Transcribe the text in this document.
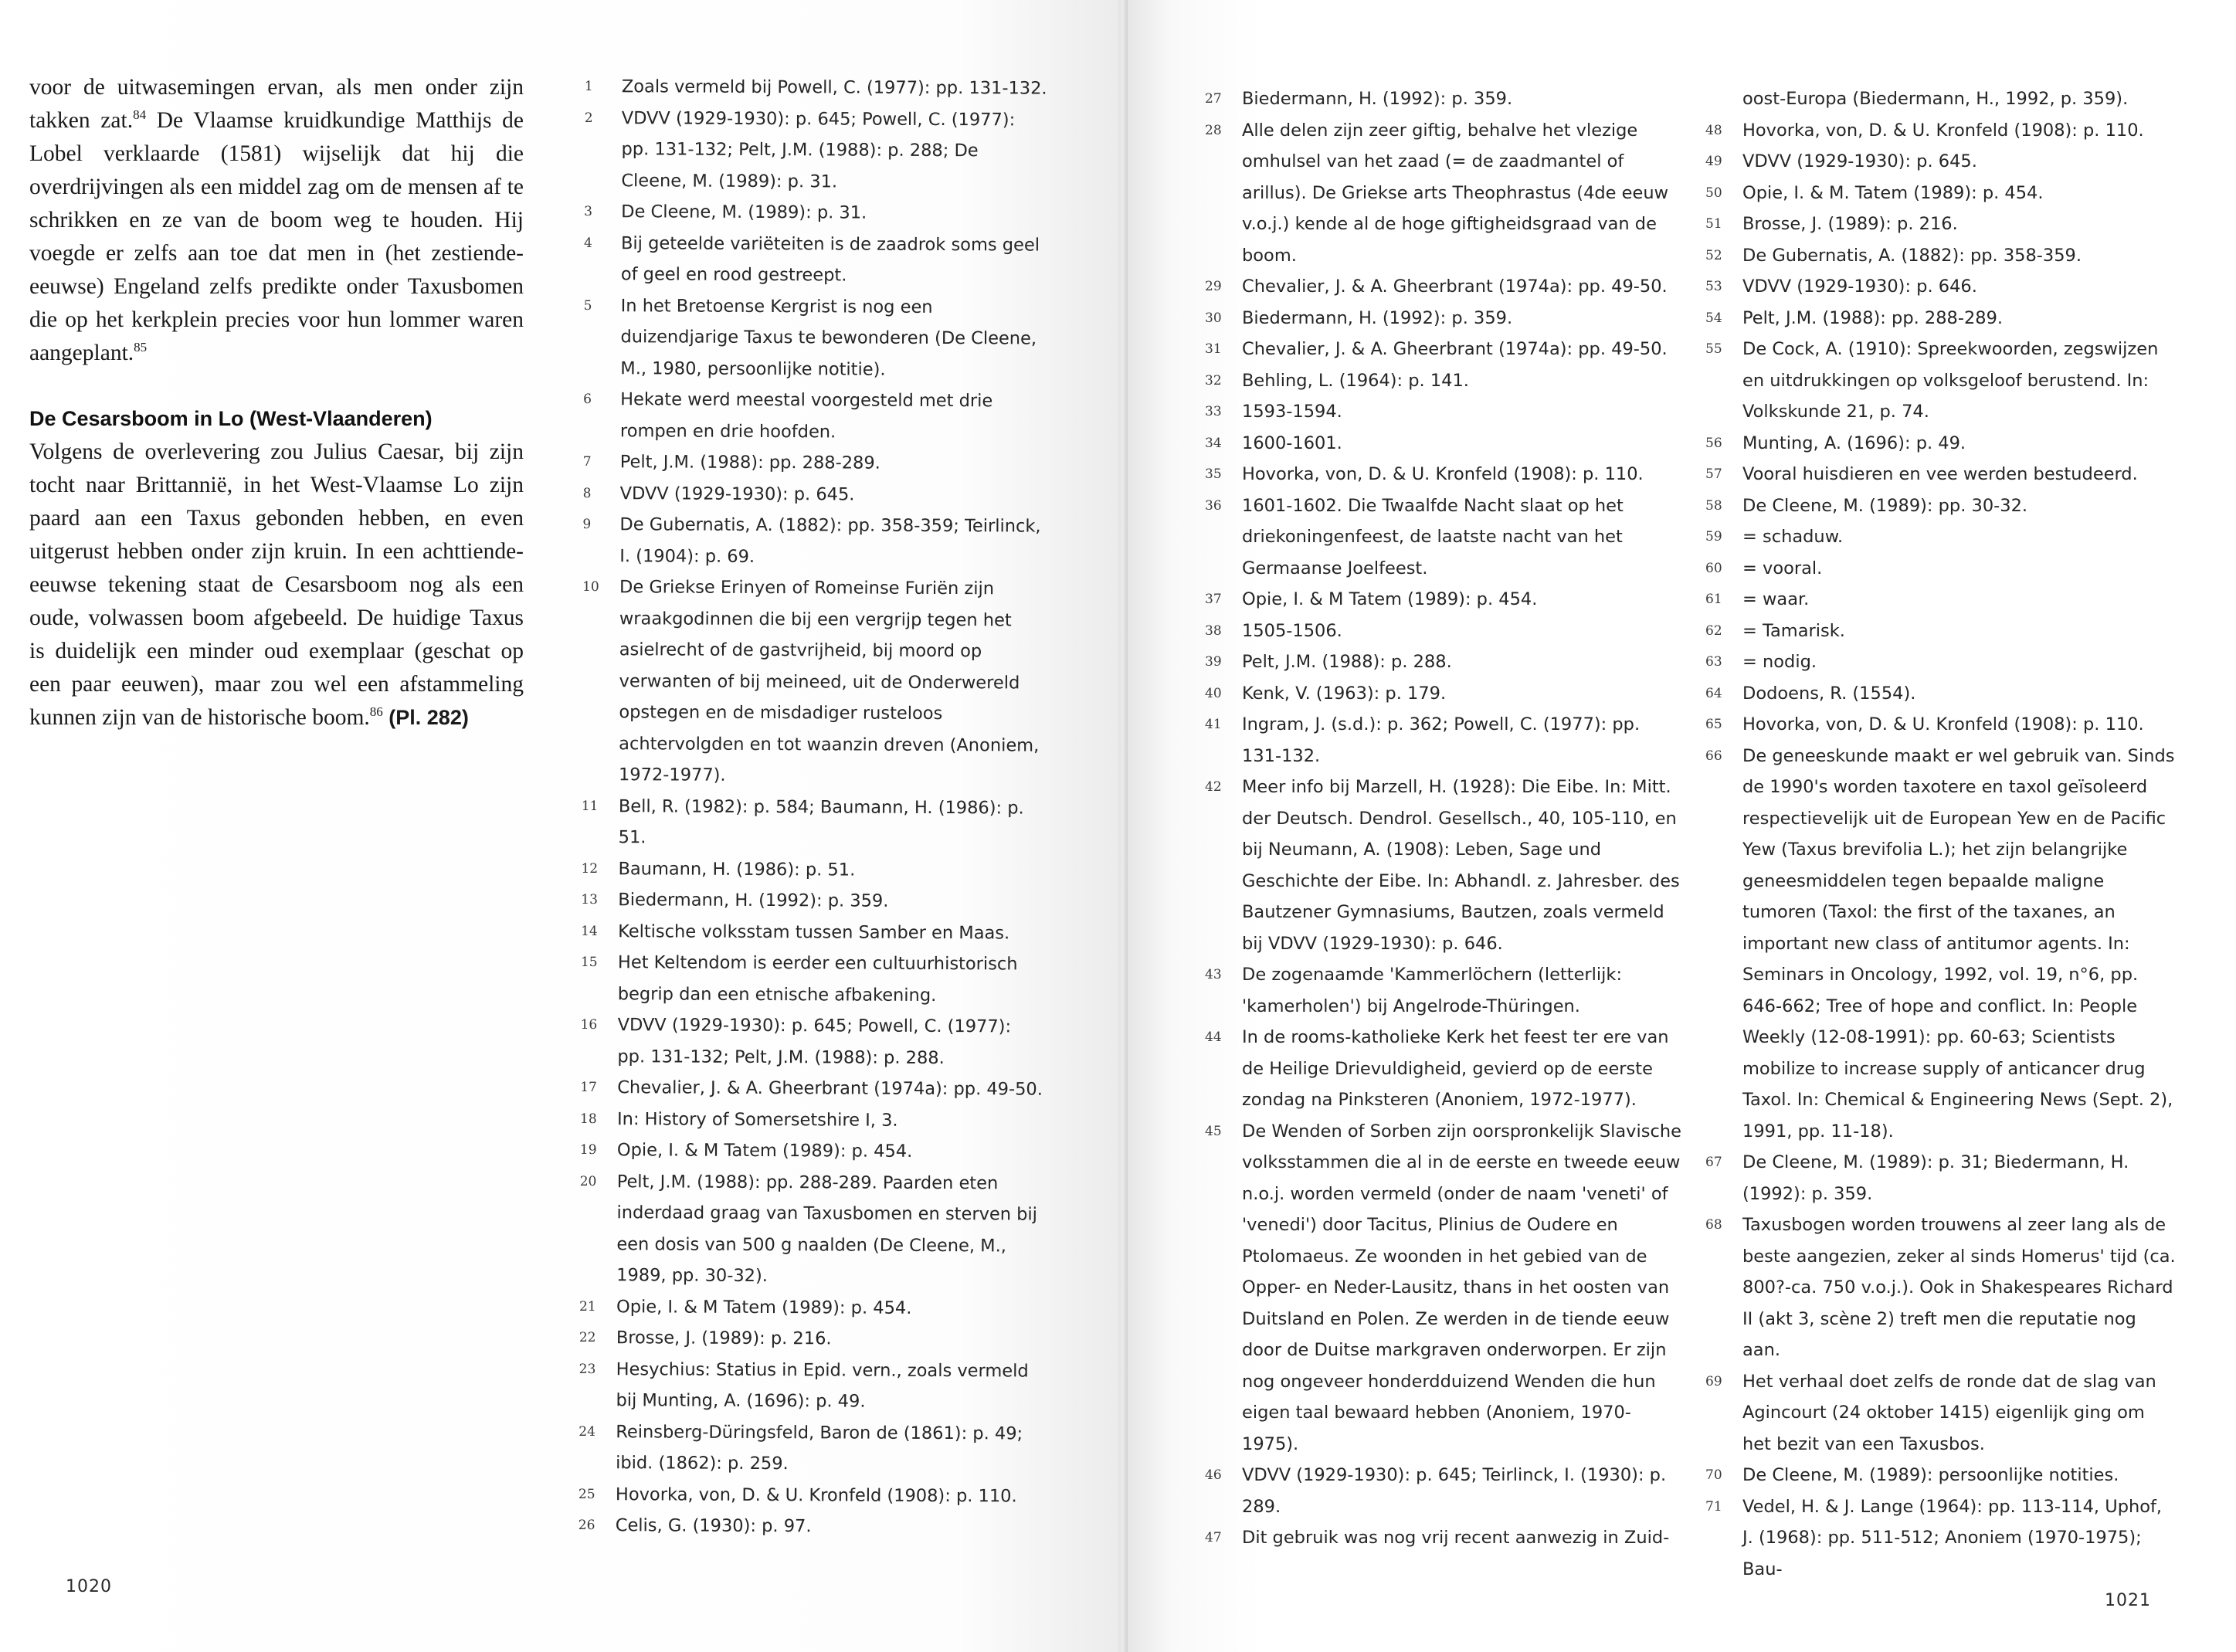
voor de uitwasemingen ervan, als men onder zijn takken zat.$^{84}$ De Vlaamse kruidkundige Matthijs de Lobel verklaarde (1581) wijselijk dat hij die overdrijvingen als een middel zag om de mensen af te schrikken en ze van de boom weg te houden. Hij voegde er zelfs aan toe dat men in (het zestiende-eeuwse) Engeland zelfs predikte onder Taxusbomen die op het kerkplein precies voor hun lommer waren aangeplant.$^{85}$

De Cesarsboom in Lo (West-Vlaanderen)

Volgens de overlevering zou Julius Caesar, bij zijn tocht naar Brittannië, in het West-Vlaamse Lo zijn paard aan een Taxus gebonden hebben, en even uitgerust hebben onder zijn kruin. In een achttiende-eeuwse tekening staat de Cesarsboom nog als een oude, volwassen boom afgebeeld. De huidige Taxus is duidelijk een minder oud exemplaar (geschat op een paar eeuwen), maar zou wel een afstammeling kunnen zijn van de historische boom.$^{86}$ (Pl. 282)

1 Zoals vermeld bij Powell, C. (1977): pp. 131-132.
2 VDVV (1929-1930): p. 645; Powell, C. (1977): pp. 131-132; Pelt, J.M. (1988): p. 288; De Cleene, M. (1989): p. 31.
3 De Cleene, M. (1989): p. 31.
4 Bij geteelde variëteiten is de zaadrok soms geel of geel en rood gestreept.
5 In het Bretoense Kergrist is nog een duizendjarige Taxus te bewonderen (De Cleene, M., 1980, persoonlijke notitie).
6 Hekate werd meestal voorgesteld met drie rompen en drie hoofden.
7 Pelt, J.M. (1988): pp. 288-289.
8 VDVV (1929-1930): p. 645.
9 De Gubernatis, A. (1882): pp. 358-359; Teirlinck, I. (1904): p. 69.
10 De Griekse Erinyen of Romeinse Furiën zijn wraakgodinnen die bij een vergrijp tegen het asielrecht of de gastvrijheid, bij moord op verwanten of bij meineed, uit de Onderwereld opstegen en de misdadiger rusteloos achtervolgden en tot waanzin dreven (Anoniem, 1972-1977).
11 Bell, R. (1982): p. 584; Baumann, H. (1986): p. 51.
12 Baumann, H. (1986): p. 51.
13 Biedermann, H. (1992): p. 359.
14 Keltische volksstam tussen Samber en Maas.
15 Het Keltendom is eerder een cultuurhistorisch begrip dan een etnische afbakening.
16 VDVV (1929-1930): p. 645; Powell, C. (1977): pp. 131-132; Pelt, J.M. (1988): p. 288.
17 Chevalier, J. & A. Gheerbrant (1974a): pp. 49-50.
18 In: History of Somersetshire I, 3.
19 Opie, I. & M Tatem (1989): p. 454.
20 Pelt, J.M. (1988): pp. 288-289. Paarden eten inderdaad graag van Taxusbomen en sterven bij een dosis van 500 g naalden (De Cleene, M., 1989, pp. 30-32).
21 Opie, I. & M Tatem (1989): p. 454.
22 Brosse, J. (1989): p. 216.
23 Hesychius: Statius in Epid. vern., zoals vermeld bij Munting, A. (1696): p. 49.
24 Reinsberg-Düringsfeld, Baron de (1861): p. 49; ibid. (1862): p. 259.
25 Hovorka, von, D. & U. Kronfeld (1908): p. 110.
26 Celis, G. (1930): p. 97.
1020
27 Biedermann, H. (1992): p. 359.
28 Alle delen zijn zeer giftig, behalve het vlezige omhulsel van het zaad (= de zaadmantel of arillus). De Griekse arts Theophrastus (4de eeuw v.o.j.) kende al de hoge giftigheidsgraad van de boom.
29 Chevalier, J. & A. Gheerbrant (1974a): pp. 49-50.
30 Biedermann, H. (1992): p. 359.
31 Chevalier, J. & A. Gheerbrant (1974a): pp. 49-50.
32 Behling, L. (1964): p. 141.
33 1593-1594.
34 1600-1601.
35 Hovorka, von, D. & U. Kronfeld (1908): p. 110.
36 1601-1602. Die Twaalfde Nacht slaat op het driekoningenfeest, de laatste nacht van het Germaanse Joelfeest.
37 Opie, I. & M Tatem (1989): p. 454.
38 1505-1506.
39 Pelt, J.M. (1988): p. 288.
40 Kenk, V. (1963): p. 179.
41 Ingram, J. (s.d.): p. 362; Powell, C. (1977): pp. 131-132.
42 Meer info bij Marzell, H. (1928): Die Eibe. In: Mitt. der Deutsch. Dendrol. Gesellsch., 40, 105-110, en bij Neumann, A. (1908): Leben, Sage und Geschichte der Eibe. In: Abhandl. z. Jahresber. des Bautzener Gymnasiums, Bautzen, zoals vermeld bij VDVV (1929-1930): p. 646.
43 De zogenaamde 'Kammerlöchern (letterlijk: 'kamerholen') bij Angelrode-Thüringen.
44 In de rooms-katholieke Kerk het feest ter ere van de Heilige Drievuldigheid, gevierd op de eerste zondag na Pinksteren (Anoniem, 1972-1977).
45 De Wenden of Sorben zijn oorspronkelijk Slavische volksstammen die al in de eerste en tweede eeuw n.o.j. worden vermeld (onder de naam 'veneti' of 'venedi') door Tacitus, Plinius de Oudere en Ptolomaeus. Ze woonden in het gebied van de Opper- en Neder-Lausitz, thans in het oosten van Duitsland en Polen. Ze werden in de tiende eeuw door de Duitse markgraven onderworpen. Er zijn nog ongeveer honderdduizend Wenden die hun eigen taal bewaard hebben (Anoniem, 1970-1975).
46 VDVV (1929-1930): p. 645; Teirlinck, I. (1930): p. 289.
47 Dit gebruik was nog vrij recent aanwezig in Zuid-
oost-Europa (Biedermann, H., 1992, p. 359).
48 Hovorka, von, D. & U. Kronfeld (1908): p. 110.
49 VDVV (1929-1930): p. 645.
50 Opie, I. & M. Tatem (1989): p. 454.
51 Brosse, J. (1989): p. 216.
52 De Gubernatis, A. (1882): pp. 358-359.
53 VDVV (1929-1930): p. 646.
54 Pelt, J.M. (1988): pp. 288-289.
55 De Cock, A. (1910): Spreekwoorden, zegswijzen en uitdrukkingen op volksgeloof berustend. In: Volkskunde 21, p. 74.
56 Munting, A. (1696): p. 49.
57 Vooral huisdieren en vee werden bestudeerd.
58 De Cleene, M. (1989): pp. 30-32.
59 = schaduw.
60 = vooral.
61 = waar.
62 = Tamarisk.
63 = nodig.
64 Dodoens, R. (1554).
65 Hovorka, von, D. & U. Kronfeld (1908): p. 110.
66 De geneeskunde maakt er wel gebruik van. Sinds de 1990's worden taxotere en taxol geïsoleerd respectievelijk uit de European Yew en de Pacific Yew (Taxus brevifolia L.); het zijn belangrijke geneesmiddelen tegen bepaalde maligne tumoren (Taxol: the first of the taxanes, an important new class of antitumor agents. In: Seminars in Oncology, 1992, vol. 19, n°6, pp. 646-662; Tree of hope and conflict. In: People Weekly (12-08-1991): pp. 60-63; Scientists mobilize to increase supply of anticancer drug Taxol. In: Chemical & Engineering News (Sept. 2), 1991, pp. 11-18).
67 De Cleene, M. (1989): p. 31; Biedermann, H. (1992): p. 359.
68 Taxusbogen worden trouwens al zeer lang als de beste aangezien, zeker al sinds Homerus' tijd (ca. 800?-ca. 750 v.o.j.). Ook in Shakespeares Richard II (akt 3, scène 2) treft men die reputatie nog aan.
69 Het verhaal doet zelfs de ronde dat de slag van Agincourt (24 oktober 1415) eigenlijk ging om het bezit van een Taxusbos.
70 De Cleene, M. (1989): persoonlijke notities.
71 Vedel, H. & J. Lange (1964): pp. 113-114, Uphof, J. (1968): pp. 511-512; Anoniem (1970-1975); Bau-
1021
